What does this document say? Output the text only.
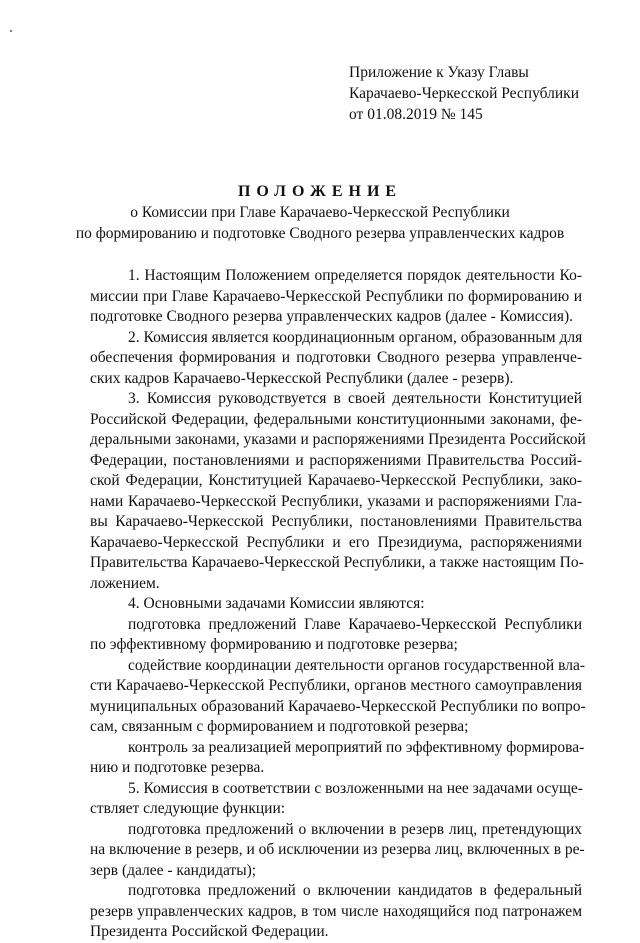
Приложение к Указу Главы
Карачаево-Черкесской Республики
от 01.08.2019 № 145
ПОЛОЖЕНИЕ
о Комиссии при Главе Карачаево-Черкесской Республики
по формированию и подготовке Сводного резерва управленческих кадров
1. Настоящим Положением определяется порядок деятельности Ко-
миссии при Главе Карачаево-Черкесской Республики по формированию и
подготовке Сводного резерва управленческих кадров (далее - Комиссия).
2. Комиссия является координационным органом, образованным для
обеспечения формирования и подготовки Сводного резерва управленче-
ских кадров Карачаево-Черкесской Республики (далее - резерв).
3. Комиссия руководствуется в своей деятельности Конституцией
Российской Федерации, федеральными конституционными законами, фе-
деральными законами, указами и распоряжениями Президента Российской
Федерации, постановлениями и распоряжениями Правительства Россий-
ской Федерации, Конституцией Карачаево-Черкесской Республики, зако-
нами Карачаево-Черкесской Республики, указами и распоряжениями Гла-
вы Карачаево-Черкесской Республики, постановлениями Правительства
Карачаево-Черкесской Республики и его Президиума, распоряжениями
Правительства Карачаево-Черкесской Республики, а также настоящим По-
ложением.
4. Основными задачами Комиссии являются:
подготовка предложений Главе Карачаево-Черкесской Республики
по эффективному формированию и подготовке резерва;
содействие координации деятельности органов государственной вла-
сти Карачаево-Черкесской Республики, органов местного самоуправления
муниципальных образований Карачаево-Черкесской Республики по вопро-
сам, связанным с формированием и подготовкой резерва;
контроль за реализацией мероприятий по эффективному формирова-
нию и подготовке резерва.
5. Комиссия в соответствии с возложенными на нее задачами осуще-
ствляет следующие функции:
подготовка предложений о включении в резерв лиц, претендующих
на включение в резерв, и об исключении из резерва лиц, включенных в ре-
зерв (далее - кандидаты);
подготовка предложений о включении кандидатов в федеральный
резерв управленческих кадров, в том числе находящийся под патронажем
Президента Российской Федерации.
